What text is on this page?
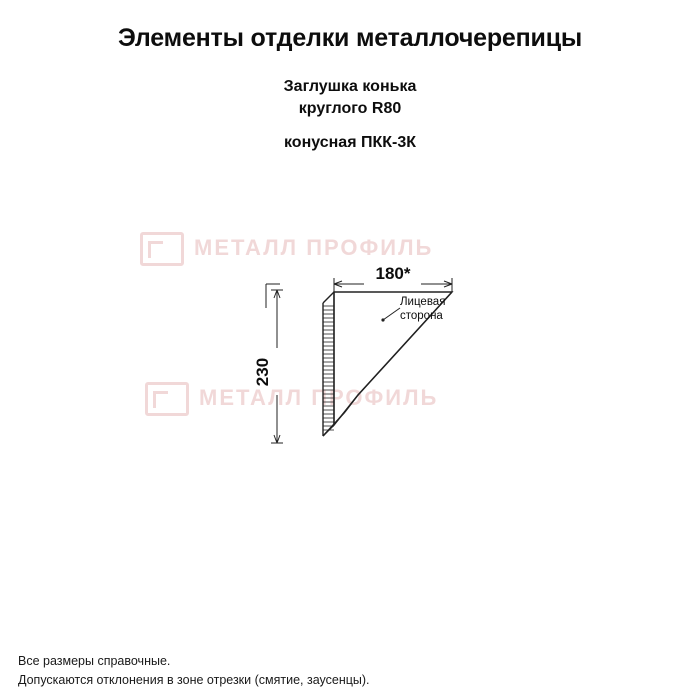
МЕТАЛЛ ПРОФИЛЬ
МЕТАЛЛ ПРОФИЛЬ
Элементы отделки металлочерепицы
Заглушка конька
круглого R80
конусная ПКК-3К
180*
230
Лицевая
сторона
Все размеры справочные.
Допускаются отклонения в зоне отрезки (смятие, заусенцы).
